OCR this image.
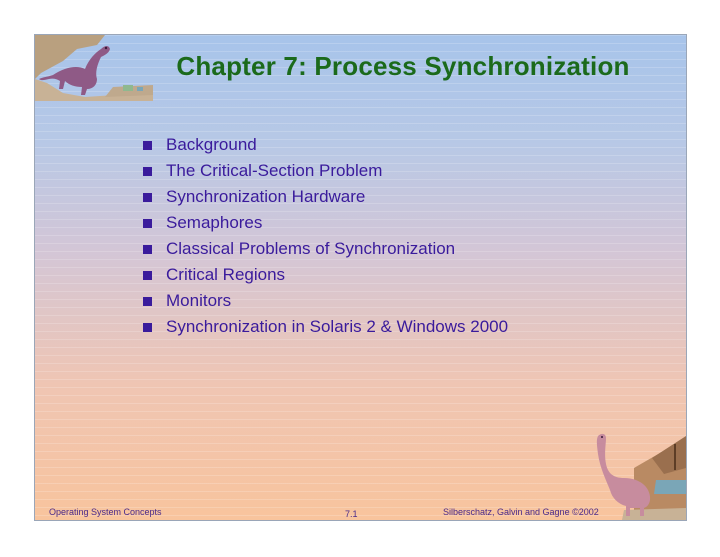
Chapter 7: Process Synchronization
Background
The Critical-Section Problem
Synchronization Hardware
Semaphores
Classical Problems of Synchronization
Critical Regions
Monitors
Synchronization in Solaris 2 & Windows 2000
Operating System Concepts	7.1	Silberschatz, Galvin and Gagne ©2002
